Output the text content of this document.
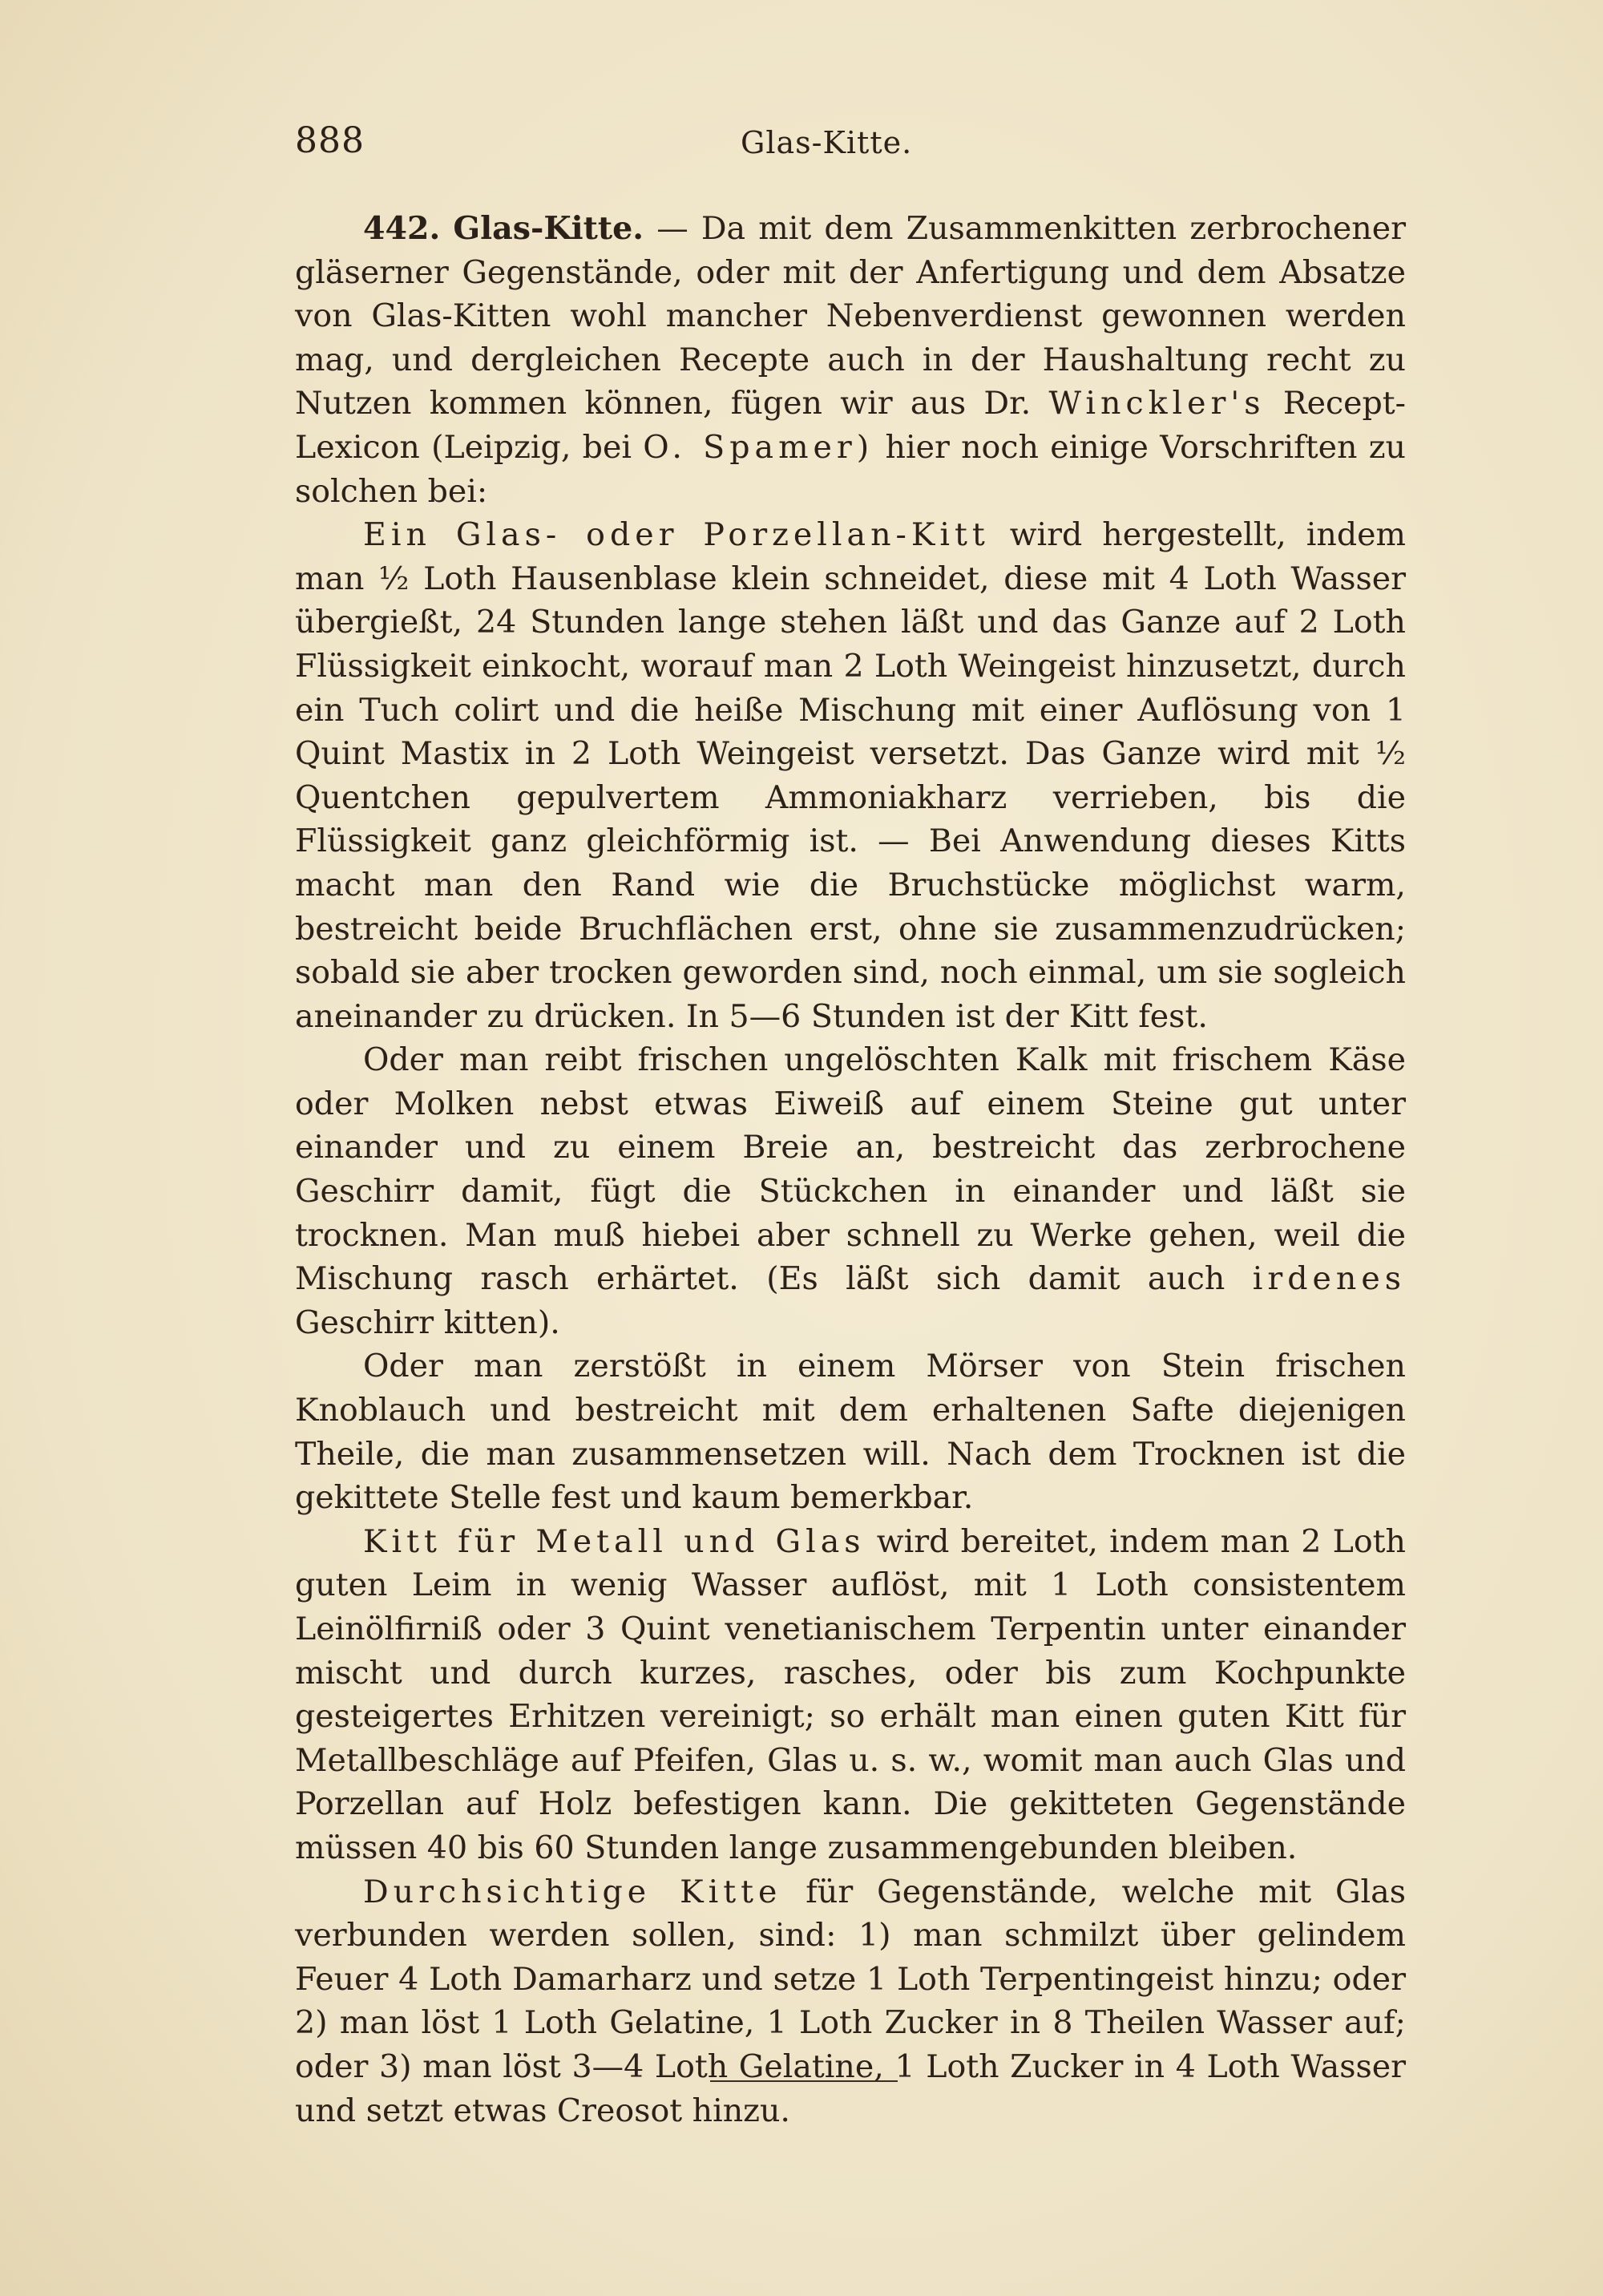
888	Glas-Kitte.

442. Glas-Kitte. — Da mit dem Zusammenkitten zerbrochener gläserner Gegenstände, oder mit der Anfertigung und dem Absatze von Glas-Kitten wohl mancher Nebenverdienst gewonnen werden mag, und dergleichen Recepte auch in der Haushaltung recht zu Nutzen kommen können, fügen wir aus Dr. Winckler's Recept-Lexicon (Leipzig, bei O. Spamer) hier noch einige Vorschriften zu solchen bei:

Ein Glas- oder Porzellan-Kitt wird hergestellt, indem man ½ Loth Hausenblase klein schneidet, diese mit 4 Loth Wasser übergießt, 24 Stunden lange stehen läßt und das Ganze auf 2 Loth Flüssigkeit einkocht, worauf man 2 Loth Weingeist hinzusetzt, durch ein Tuch colirt und die heiße Mischung mit einer Auflösung von 1 Quint Mastix in 2 Loth Weingeist versetzt. Das Ganze wird mit ½ Quentchen gepulvertem Ammoniakharz verrieben, bis die Flüssigkeit ganz gleichförmig ist. — Bei Anwendung dieses Kitts macht man den Rand wie die Bruchstücke möglichst warm, bestreicht beide Bruchflächen erst, ohne sie zusammenzudrücken; sobald sie aber trocken geworden sind, noch einmal, um sie sogleich aneinander zu drücken. In 5—6 Stunden ist der Kitt fest.

Oder man reibt frischen ungelöschten Kalk mit frischem Käse oder Molken nebst etwas Eiweiß auf einem Steine gut unter einander und zu einem Breie an, bestreicht das zerbrochene Geschirr damit, fügt die Stückchen in einander und läßt sie trocknen. Man muß hiebei aber schnell zu Werke gehen, weil die Mischung rasch erhärtet. (Es läßt sich damit auch irdenes Geschirr kitten).

Oder man zerstößt in einem Mörser von Stein frischen Knoblauch und bestreicht mit dem erhaltenen Safte diejenigen Theile, die man zusammensetzen will. Nach dem Trocknen ist die gekittete Stelle fest und kaum bemerkbar.

Kitt für Metall und Glas wird bereitet, indem man 2 Loth guten Leim in wenig Wasser auflöst, mit 1 Loth consistentem Leinölfirniß oder 3 Quint venetianischem Terpentin unter einander mischt und durch kurzes, rasches, oder bis zum Kochpunkte gesteigertes Erhitzen vereinigt; so erhält man einen guten Kitt für Metallbeschläge auf Pfeifen, Glas u. s. w., womit man auch Glas und Porzellan auf Holz befestigen kann. Die gekitteten Gegenstände müssen 40 bis 60 Stunden lange zusammengebunden bleiben.

Durchsichtige Kitte für Gegenstände, welche mit Glas verbunden werden sollen, sind: 1) man schmilzt über gelindem Feuer 4 Loth Damarharz und setze 1 Loth Terpentingeist hinzu; oder 2) man löst 1 Loth Gelatine, 1 Loth Zucker in 8 Theilen Wasser auf; oder 3) man löst 3—4 Loth Gelatine, 1 Loth Zucker in 4 Loth Wasser und setzt etwas Creosot hinzu.
